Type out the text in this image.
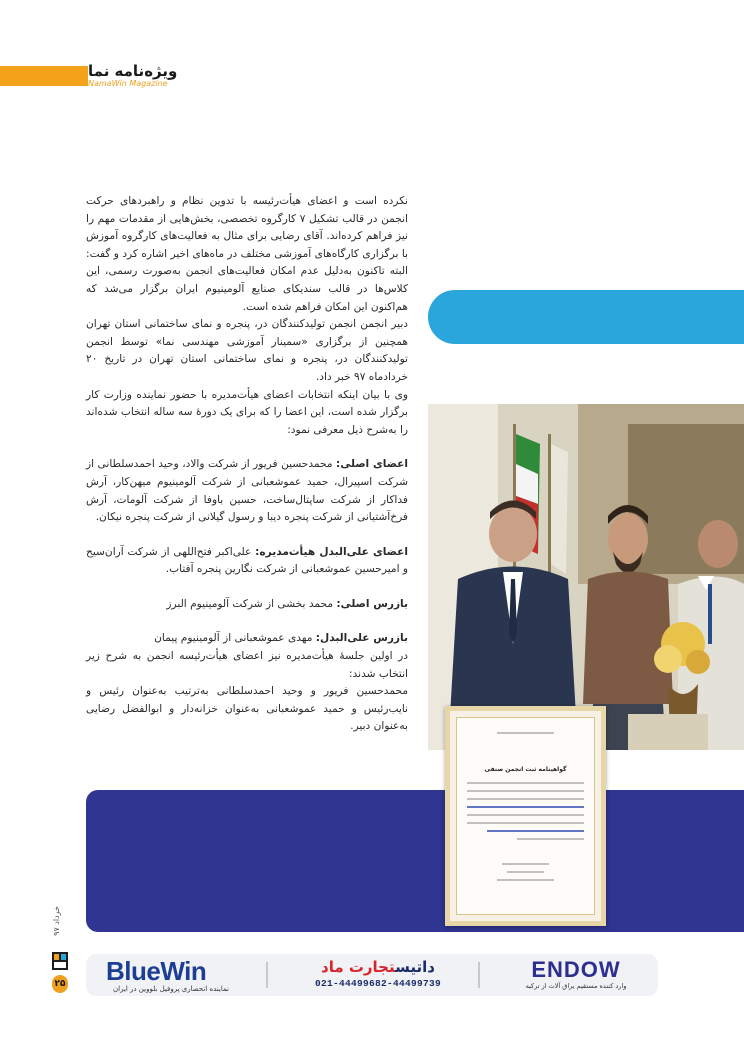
ویژه‌نامه نما
NamaWin Magazine

نکرده است و اعضای هیأت‌رئیسه با تدوین نظام و راهبردهای حرکت انجمن در قالب تشکیل ۷ کارگروه تخصصی، بخش‌هایی از مقدمات مهم را نیز فراهم کرده‌اند. آقای رضایی برای مثال به فعالیت‌های کارگروه آموزش با برگزاری کارگاه‌های آموزشی مختلف در ماه‌های اخیر اشاره کرد و گفت: البته تاکنون به‌دلیل عدم امکان فعالیت‌های انجمن به‌صورت رسمی، این کلاس‌ها در قالب سندیکای صنایع آلومینیوم ایران برگزار می‌شد که هم‌اکنون این امکان فراهم شده است.

دبیر انجمن انجمن تولیدکنندگان در، پنجره و نمای ساختمانی استان تهران همچنین از برگزاری «سمینار آموزشی مهندسی نما» توسط انجمن تولیدکنندگان در، پنجره و نمای ساختمانی استان تهران در تاریخ ۲۰ خردادماه ۹۷ خبر داد.

وی با بیان اینکه انتخابات اعضای هیأت‌مدیره با حضور نماینده وزارت کار برگزار شده است، این اعضا را که برای یک دورهٔ سه ساله انتخاب شده‌اند را به‌شرح ذیل معرفی نمود:

اعضای اصلی: محمدحسین فریور از شرکت والاد، وحید احمدسلطانی از شرکت اسپیرال، حمید عموشعبانی از شرکت آلومینیوم میهن‌کار، آرش فداکار از شرکت ساپتال‌ساخت، حسین باوفا از شرکت آلومات، آرش فرخ‌آشتیانی از شرکت پنجره دیبا و رسول گیلانی از شرکت پنجره نیکان.

اعضای علی‌البدل هیأت‌مدیره: علی‌اکبر فتح‌اللهی از شرکت آران‌سیح و امیرحسین عموشعبانی از شرکت نگارین پنجره آفتاب.

بازرس اصلی: محمد بخشی از شرکت آلومینیوم البرز

بازرس علی‌البدل: مهدی عموشعبانی از آلومینیوم پیمان

در اولین جلسهٔ هیأت‌مدیره نیز اعضای هیأت‌رئیسه انجمن به شرح زیر انتخاب شدند:

محمدحسین فریور و وحید احمدسلطانی به‌ترتیب به‌عنوان رئیس و نایب‌رئیس و حمید عموشعبانی به‌عنوان خزانه‌دار و ابوالفضل رضایی به‌عنوان دبیر.

گواهینامه ثبت انجمن صنفی
خرداد ۹۷
۲۵ BlueWin
نماینده انحصاری پروفیل بلووین در ایران
داتیستجارت ماد
021-44499682-44499739
ENDOW
وارد کننده مستقیم یراق آلات از ترکیه
